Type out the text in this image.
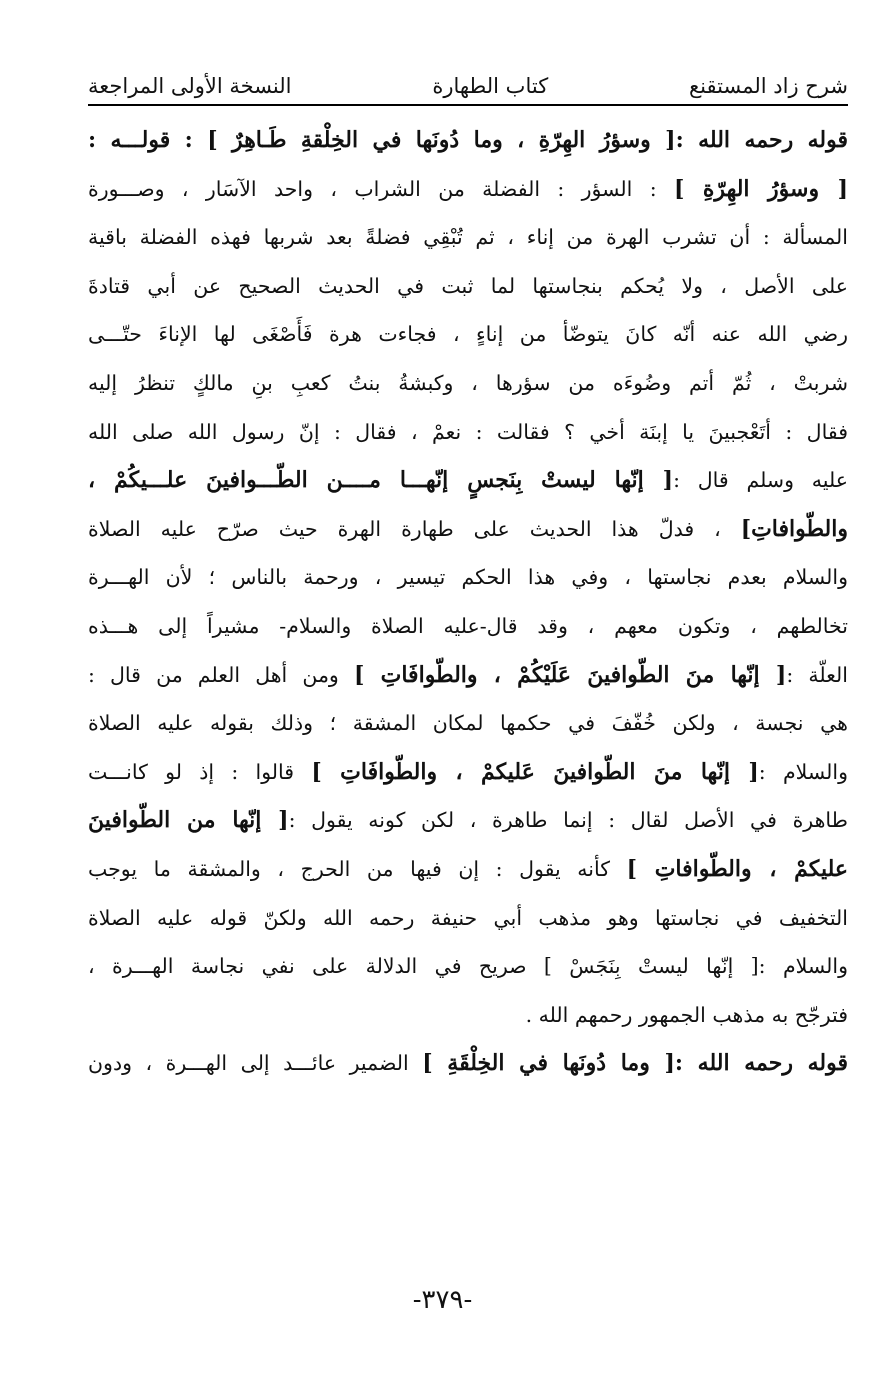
شرح زاد المستقنع
كتاب الطهارة
النسخة الأولى المراجعة
قوله رحمه الله :[ وسؤرُ الهِرّةِ ، وما دُونَها في الخِلْقةِ طَـاهِرٌ ] : قولـــه :
[ وسؤرُ الهِرّةِ ] : السؤر : الفضلة من الشراب ، واحد الآسَار ، وصـــورة
المسألة : أن تشرب الهرة من إناء ، ثم تُبْقِي فضلةً بعد شربها فهذه الفضلة باقية
على الأصل ، ولا يُحكم بنجاستها لما ثبت في الحديث الصحيح عن أبي قتادةَ
رضي الله عنه أنّه كانَ يتوضّأ من إناءٍ ، فجاءت هرة فَأَصْغَى لها الإناءَ حتّـــى
شربتْ ، ثُمّ أتم وضُوءَه من سؤرها ، وكبشةُ بنتُ كعبِ بنِ مالكٍ تنظرُ إليه
فقال : أتَعْجبينَ يا إبنَة أخي ؟ فقالت : نعمْ ، فقال : إنّ رسول الله صلى الله
عليه وسلم قال :[ إنّها ليستْ بِنَجسٍ إنّهـــا مــــن الطّـــوافينَ علـــيكُمْ ،
والطّوافاتِ] ، فدلّ هذا الحديث على طهارة الهرة حيث صرّح عليه الصلاة
والسلام بعدم نجاستها ، وفي هذا الحكم تيسير ، ورحمة بالناس ؛ لأن الهـــرة
تخالطهم ، وتكون معهم ، وقد قال-عليه الصلاة والسلام- مشيراً إلى هـــذه
العلّة :[ إنّها منَ الطّوافينَ عَلَيْكُمْ ، والطّوافَاتِ ] ومن أهل العلم من قال :
هي نجسة ، ولكن خُفّفَ في حكمها لمكان المشقة ؛ وذلك بقوله عليه الصلاة
والسلام :[ إنّها منَ الطّوافينَ عَليكمْ ، والطّوافَاتِ ] قالوا : إذ لو كانـــت
طاهرة في الأصل لقال : إنما طاهرة ، لكن كونه يقول :[ إنّها من الطّوافينَ
عليكمْ ، والطّوافاتِ ] كأنه يقول : إن فيها من الحرج ، والمشقة ما يوجب
التخفيف في نجاستها وهو مذهب أبي حنيفة رحمه الله ولكنّ قوله عليه الصلاة
والسلام :[ إنّها ليستْ بِنَجَسْ ] صريح في الدلالة على نفي نجاسة الهـــرة ،
فترجّح به مذهب الجمهور رحمهم الله .
قوله رحمه الله :[ وما دُونَها في الخِلْقَةِ ] الضمير عائـــد إلى الهـــرة ، ودون
-٣٧٩-
